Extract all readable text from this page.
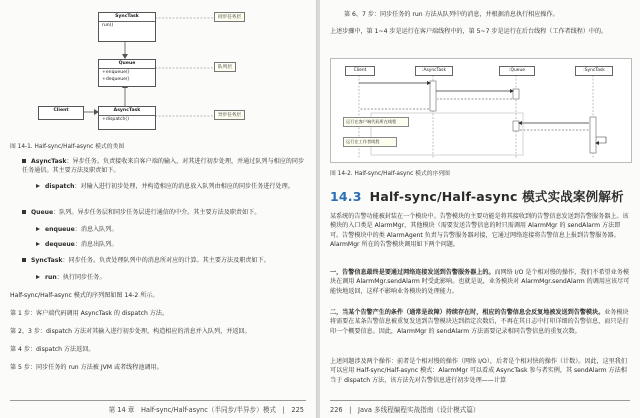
SyncTask
run()
同步任务层
Queue
+enqueue()
+dequeue()
队列层
Client	AsyncTask
+dispatch()
异步任务层
图 14-1. Half-sync/Half-async 模式的类图
AsyncTask：异步任务。负责接收来自客户端的输入，对其进行初步处理，并通过队列与相应的同步任务通信。其主要方法及职责如下。
dispatch：对输入进行初步处理，并构造相应的消息放入队列由相应的同步任务进行处理。
Queue：队列。异步任务层和同步任务层进行通信的中介。其主要方法及职责如下。
enqueue：消息入队列。
dequeue：消息出队列。
SyncTask：同步任务。负责处理队列中的消息所对应的计算。其主要方法及职责如下。
run：执行同步任务。
Half-sync/Half-async 模式的序列图如图 14-2 所示。
第 1 步：客户端代码调用 AsyncTask 的 dispatch 方法。
第 2、3 步：dispatch 方法对其输入进行初步处理，构造相应的消息并入队列，并返回。
第 4 步：dispatch 方法返回。
第 5 步：同步任务的 run 方法被 JVM 或者线程池调用。
第 14 章　Half-sync/Half-async（半同步/半异步）模式　|　225
第 6、7 步：同步任务的 run 方法从队列中的消息，并根据消息执行相应操作。
上述步骤中，第 1~4 步是运行在客户端线程中的，第 5~7 步是运行在后台线程（工作者线程）中的。
Client	:AsyncTask	:Queue	:SyncTask
运行在客户端代码所在线程
运行在工作者线程
图 14-2. Half-sync/Half-async 模式的序列图
14.3 Half-sync/Half-async 模式实战案例解析
某系统的告警功能被封装在一个模块中。告警模块的主要功能是将其接收到的告警信息发送到告警服务器上。该模块的入口类是 AlarmMgr，其他模块（需要发送告警信息的时只需调用 AlarmMgr 的 sendAlarm 方法即可。告警模块中的类 AlarmAgent 负责与告警服务器对接，它通过网络连接将告警信息上报到告警服务器。AlarmMgr 所在的告警模块调用如下两个问题。
一，告警信息最终是要通过网络连接发送到告警服务器上的。而网络 I/O 是个相对慢的操作，我们不希望业务模块在调用 AlarmMgr.sendAlarm 时受此影响。也就是说，业务模块对 AlarmMgr.sendAlarm 的调用应该尽可能快地返回，这样不影响业务模块的处理能力。
二，当某个告警产生的条件（通常是故障）持续存在时，相应的告警信息会反复地被发送到告警模块。业务模块将需要在某条告警信息被重复发送到告警模块达到指定次数后，不再在其日志中打印详细的告警信息，而只是打印一个概要信息。因此，AlarmMgr 的 sendAlarm 方法需要记录相同告警信息的重复次数。
上述问题涉及两个操作：前者是个相对慢的操作（网络 I/O），后者是个相对快的操作（计数）。因此，这里我们可以应用 Half-sync/Half-async 模式：AlarmMgr 可以看成 AsyncTask 参与者实例，其 sendAlarm 方法相当于 dispatch 方法，该方法先对告警信息进行初步处理——计算
226　|　Java 多线程编程实战指南（设计模式篇）
